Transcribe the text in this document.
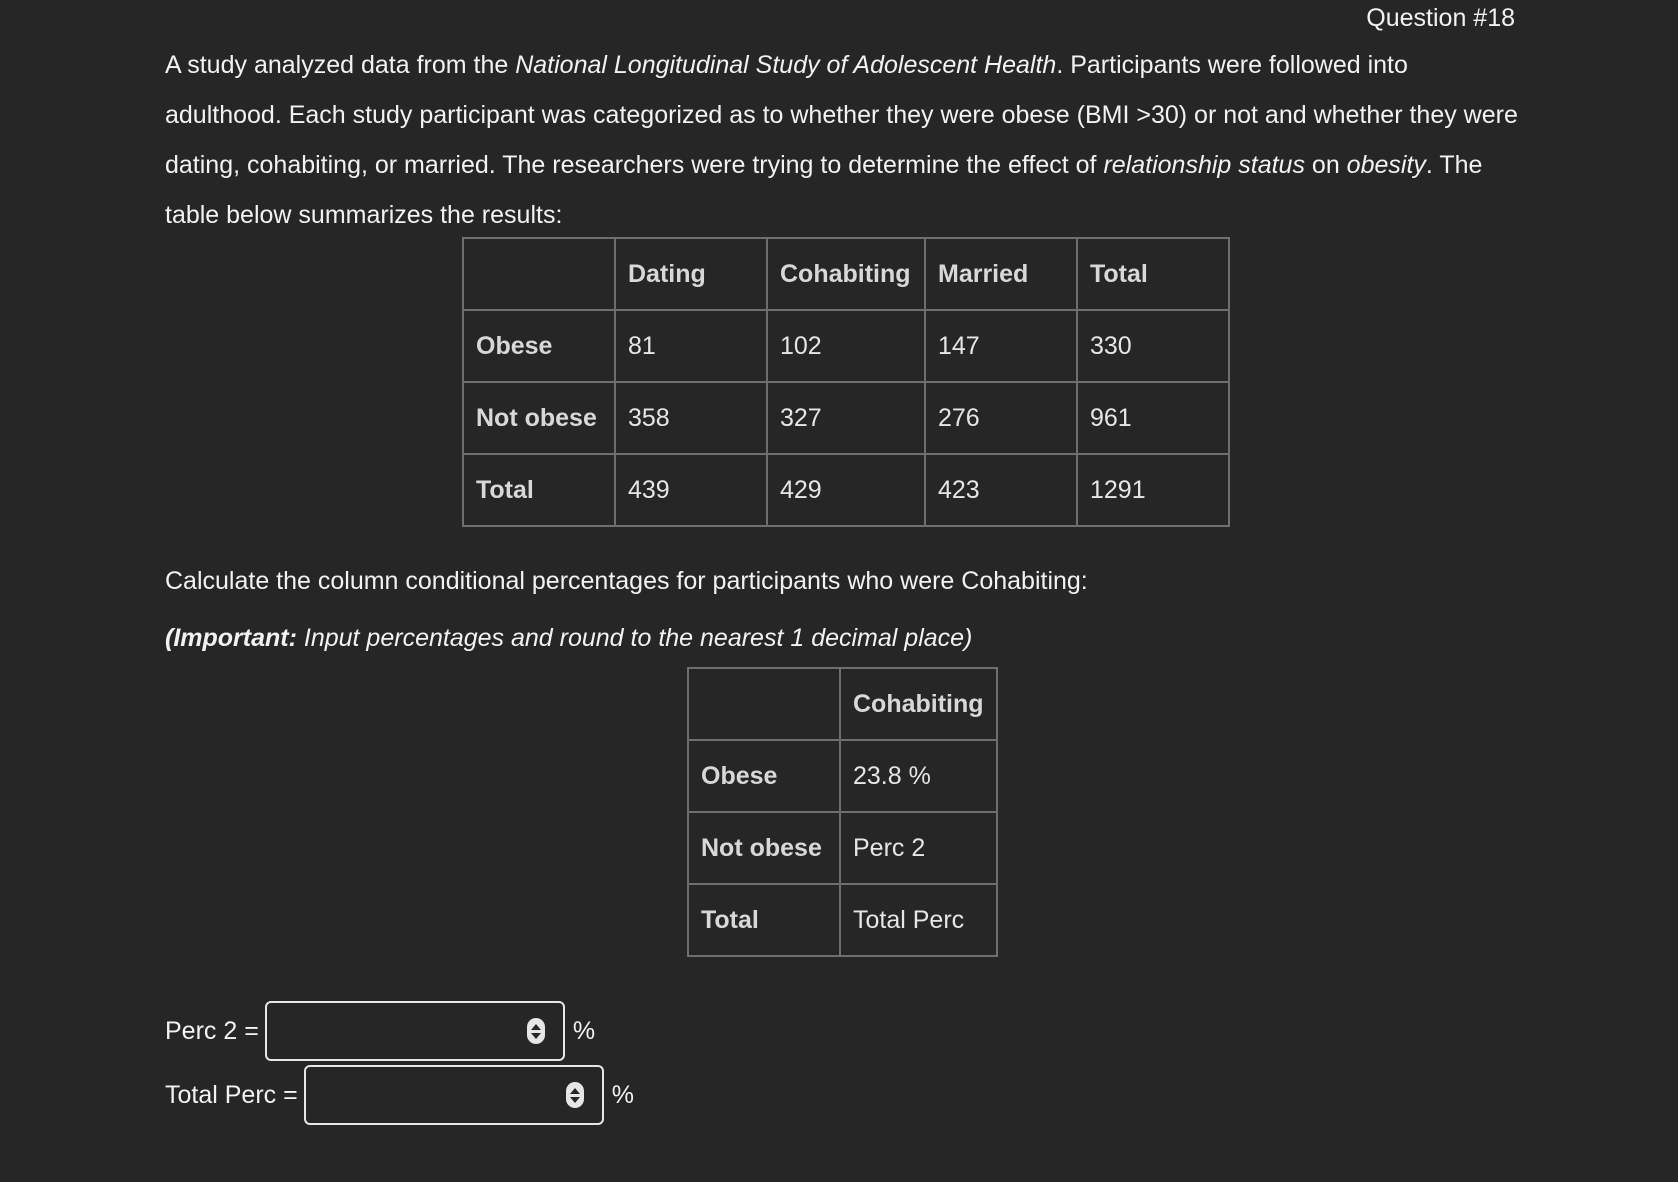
Question #18

A study analyzed data from the National Longitudinal Study of Adolescent Health. Participants were followed into adulthood. Each study participant was categorized as to whether they were obese (BMI >30) or not and whether they were dating, cohabiting, or married. The researchers were trying to determine the effect of relationship status on obesity. The table below summarizes the results:

	Dating	Cohabiting	Married	Total
Obese	81	102	147	330
Not obese	358	327	276	961
Total	439	429	423	1291

Calculate the column conditional percentages for participants who were Cohabiting:

(Important: Input percentages and round to the nearest 1 decimal place)

	Cohabiting
Obese	23.8 %
Not obese	Perc 2
Total	Total Perc
Perc 2 =	%
Total Perc =	%
